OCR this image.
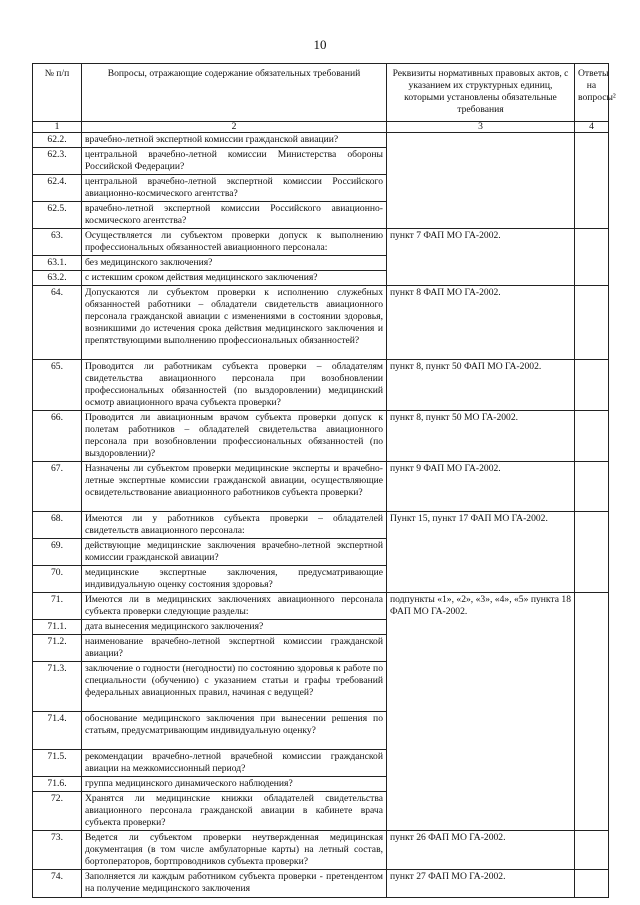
10
№ п/п	Вопросы, отражающие содержание обязательных требований	Реквизиты нормативных правовых актов, с указанием их структурных единиц, которыми установлены обязательные требования	Ответы на вопросы²
1	2	3	4
62.2.	врачебно-летной экспертной комиссии гражданской авиации?		
62.3.	центральной врачебно-летной комиссии Министерства обороны Российской Федерации?		
62.4.	центральной врачебно-летной экспертной комиссии Российского авиационно-космического агентства?		
62.5.	врачебно-летной экспертной комиссии Российского авиационно-космического агентства?		
63.	Осуществляется ли субъектом проверки допуск к выполнению профессиональных обязанностей авиационного персонала:	пункт 7 ФАП МО ГА-2002.	
63.1.	без медицинского заключения?		
63.2.	с истекшим сроком действия медицинского заключения?		
64.	Допускаются ли субъектом проверки к исполнению служебных обязанностей работники – обладатели свидетельств авиационного персонала гражданской авиации с изменениями в состоянии здоровья, возникшими до истечения срока действия медицинского заключения и препятствующими выполнению профессиональных обязанностей?	пункт 8 ФАП МО ГА-2002.	
65.	Проводится ли работникам субъекта проверки – обладателям свидетельства авиационного персонала при возобновлении профессиональных обязанностей (по выздоровлении) медицинский осмотр авиационного врача субъекта проверки?	пункт 8, пункт 50 ФАП МО ГА-2002.	
66.	Проводится ли авиационным врачом субъекта проверки допуск к полетам работников – обладателей свидетельства авиационного персонала при возобновлении профессиональных обязанностей (по выздоровлении)?	пункт 8, пункт 50 МО ГА-2002.	
67.	Назначены ли субъектом проверки медицинские эксперты и врачебно-летные экспертные комиссии гражданской авиации, осуществляющие освидетельствование авиационного работников субъекта проверки?	пункт 9 ФАП МО ГА-2002.	
68.	Имеются ли у работников субъекта проверки – обладателей свидетельств авиационного персонала:	Пункт 15, пункт 17 ФАП МО ГА-2002.	
69.	действующие медицинские заключения врачебно-летной экспертной комиссии гражданской авиации?		
70.	медицинские экспертные заключения, предусматривающие индивидуальную оценку состояния здоровья?		
71.	Имеются ли в медицинских заключениях авиационного персонала субъекта проверки следующие разделы:	подпункты «1», «2», «3», «4», «5» пункта 18 ФАП МО ГА-2002.	
71.1.	дата вынесения медицинского заключения?		
71.2.	наименование врачебно-летной экспертной комиссии гражданской авиации?		
71.3.	заключение о годности (негодности) по состоянию здоровья к работе по специальности (обучению) с указанием статьи и графы требований федеральных авиационных правил, начиная с ведущей?		
71.4.	обоснование медицинского заключения при вынесении решения по статьям, предусматривающим индивидуальную оценку?		
71.5.	рекомендации врачебно-летной врачебной комиссии гражданской авиации на межкомиссионный период?		
71.6.	группа медицинского динамического наблюдения?		
72.	Хранятся ли медицинские книжки обладателей свидетельства авиационного персонала гражданской авиации в кабинете врача субъекта проверки?		
73.	Ведется ли субъектом проверки неутвержденная медицинская документация (в том числе амбулаторные карты) на летный состав, бортоператоров, бортпроводников субъекта проверки?	пункт 26 ФАП МО ГА-2002.	
74.	Заполняется ли каждым работником субъекта проверки - претендентом на получение медицинского заключения	пункт 27 ФАП МО ГА-2002.	
